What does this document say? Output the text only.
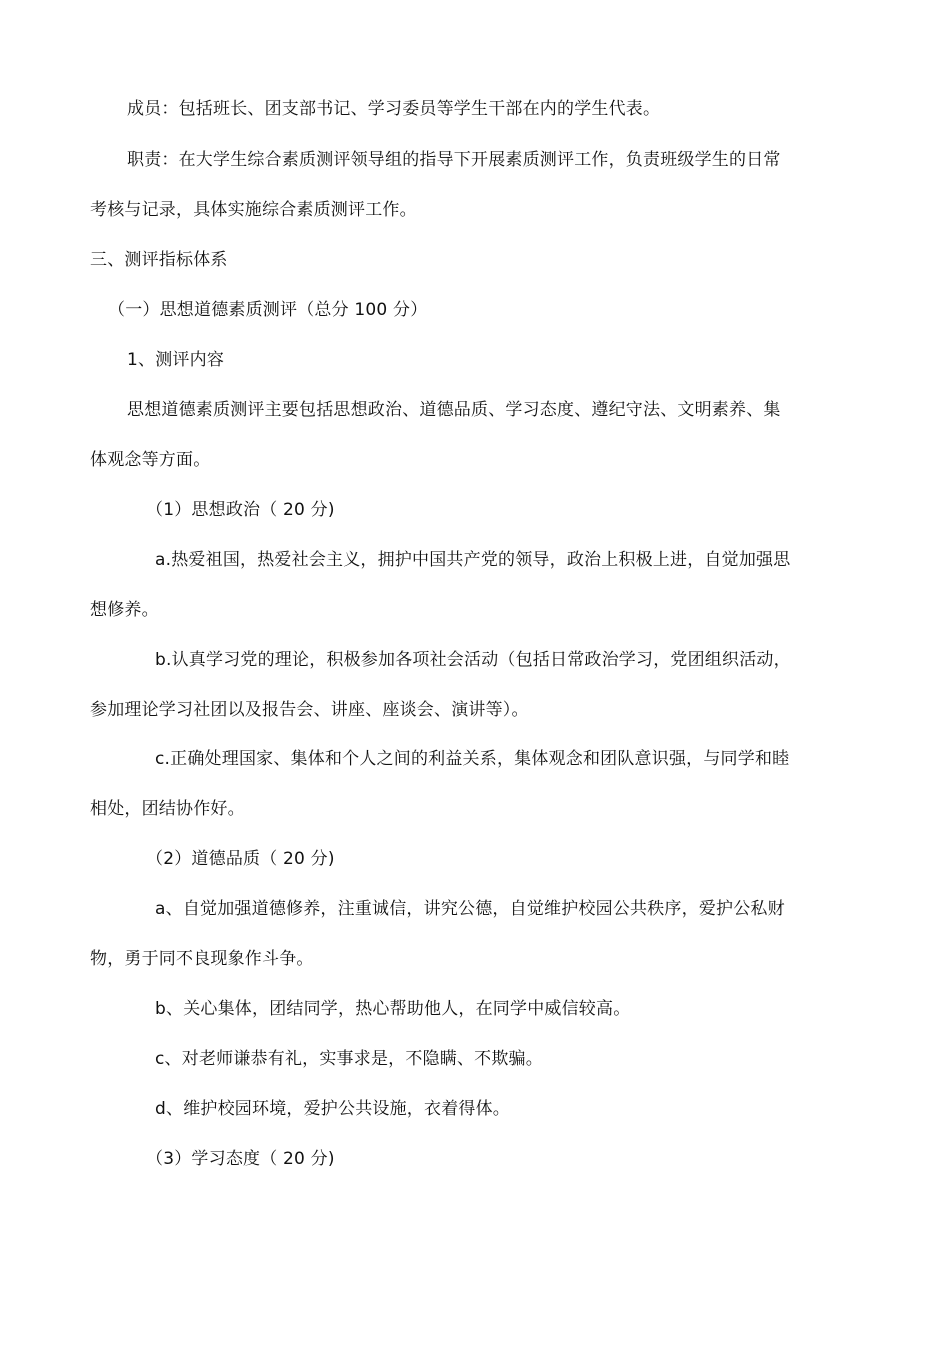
成员：包括班长、团支部书记、学习委员等学生干部在内的学生代表。
职责：在大学生综合素质测评领导组的指导下开展素质测评工作，负责班级学生的日常
考核与记录，具体实施综合素质测评工作。
三、测评指标体系
（一）思想道德素质测评（总分 100 分）
1、测评内容
思想道德素质测评主要包括思想政治、道德品质、学习态度、遵纪守法、文明素养、集
体观念等方面。
（1）思想政治（ 20 分)
a.热爱祖国，热爱社会主义，拥护中国共产党的领导，政治上积极上进，自觉加强思
想修养。
b.认真学习党的理论，积极参加各项社会活动（包括日常政治学习，党团组织活动，
参加理论学习社团以及报告会、讲座、座谈会、演讲等）。
c.正确处理国家、集体和个人之间的利益关系，集体观念和团队意识强，与同学和睦
相处，团结协作好。
（2）道德品质（ 20 分)
a、自觉加强道德修养，注重诚信，讲究公德，自觉维护校园公共秩序，爱护公私财
物，勇于同不良现象作斗争。
b、关心集体，团结同学，热心帮助他人，在同学中威信较高。
c、对老师谦恭有礼，实事求是，不隐瞒、不欺骗。
d、维护校园环境，爱护公共设施，衣着得体。
（3）学习态度（ 20 分)
